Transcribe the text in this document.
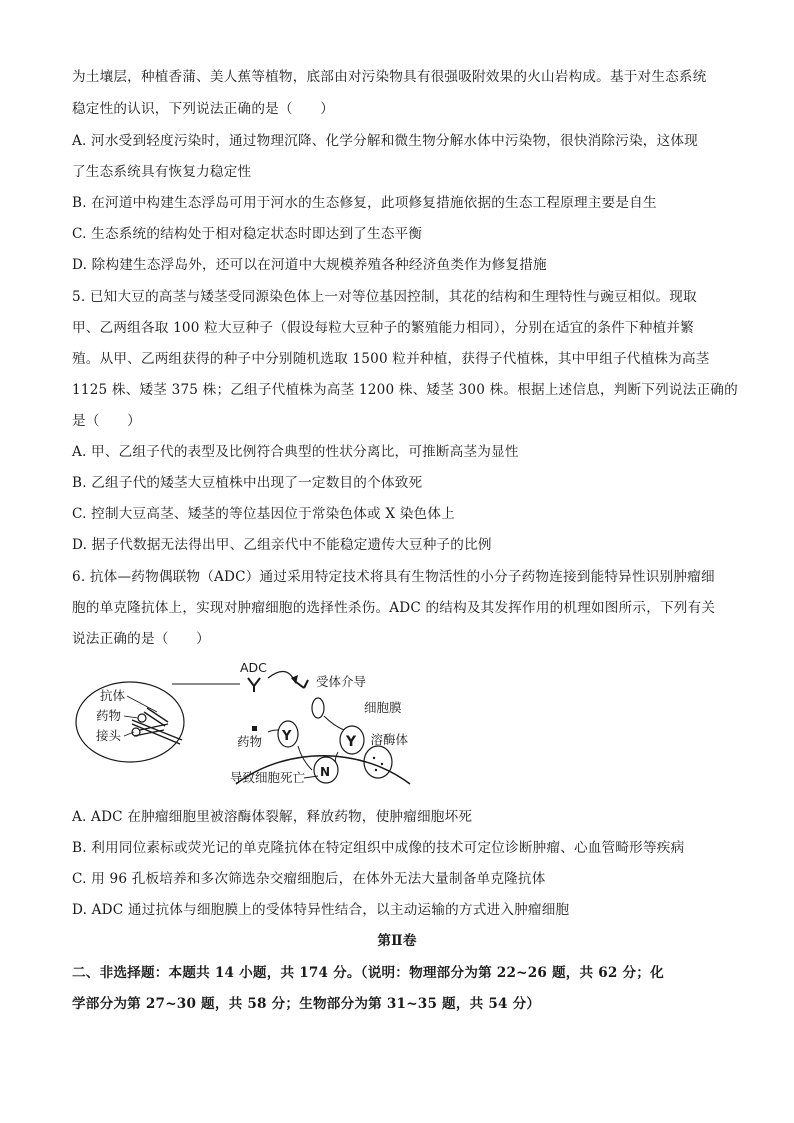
为土壤层，种植香蒲、美人蕉等植物，底部由对污染物具有很强吸附效果的火山岩构成。基于对生态系统
稳定性的认识，下列说法正确的是（　　）
A. 河水受到轻度污染时，通过物理沉降、化学分解和微生物分解水体中污染物，很快消除污染，这体现
了生态系统具有恢复力稳定性
B. 在河道中构建生态浮岛可用于河水的生态修复，此项修复措施依据的生态工程原理主要是自生
C. 生态系统的结构处于相对稳定状态时即达到了生态平衡
D. 除构建生态浮岛外，还可以在河道中大规模养殖各种经济鱼类作为修复措施
5. 已知大豆的高茎与矮茎受同源染色体上一对等位基因控制，其花的结构和生理特性与豌豆相似。现取
甲、乙两组各取 100 粒大豆种子（假设每粒大豆种子的繁殖能力相同），分别在适宜的条件下种植并繁
殖。从甲、乙两组获得的种子中分别随机选取 1500 粒并种植，获得子代植株，其中甲组子代植株为高茎
1125 株、矮茎 375 株；乙组子代植株为高茎 1200 株、矮茎 300 株。根据上述信息，判断下列说法正确的
是（　　）
A. 甲、乙组子代的表型及比例符合典型的性状分离比，可推断高茎为显性
B. 乙组子代的矮茎大豆植株中出现了一定数目的个体致死
C. 控制大豆高茎、矮茎的等位基因位于常染色体或 X 染色体上
D. 据子代数据无法得出甲、乙组亲代中不能稳定遗传大豆种子的比例
6. 抗体—药物偶联物（ADC）通过采用特定技术将具有生物活性的小分子药物连接到能特异性识别肿瘤细
胞的单克隆抗体上，实现对肿瘤细胞的选择性杀伤。ADC 的结构及其发挥作用的机理如图所示，下列有关
说法正确的是（　　）
抗体
药物
接头
ADC
受体介导
细胞膜
Y
Y	溶酶体
N
药物
导致细胞死亡
A. ADC 在肿瘤细胞里被溶酶体裂解，释放药物，使肿瘤细胞坏死
B. 利用同位素标或荧光记的单克隆抗体在特定组织中成像的技术可定位诊断肿瘤、心血管畸形等疾病
C. 用 96 孔板培养和多次筛选杂交瘤细胞后，在体外无法大量制备单克隆抗体
D. ADC 通过抗体与细胞膜上的受体特异性结合，以主动运输的方式进入肿瘤细胞
第Ⅱ卷
二、非选择题：本题共 14 小题，共 174 分。（说明：物理部分为第 22~26 题，共 62 分；化
学部分为第 27~30 题，共 58 分；生物部分为第 31~35 题，共 54 分）
